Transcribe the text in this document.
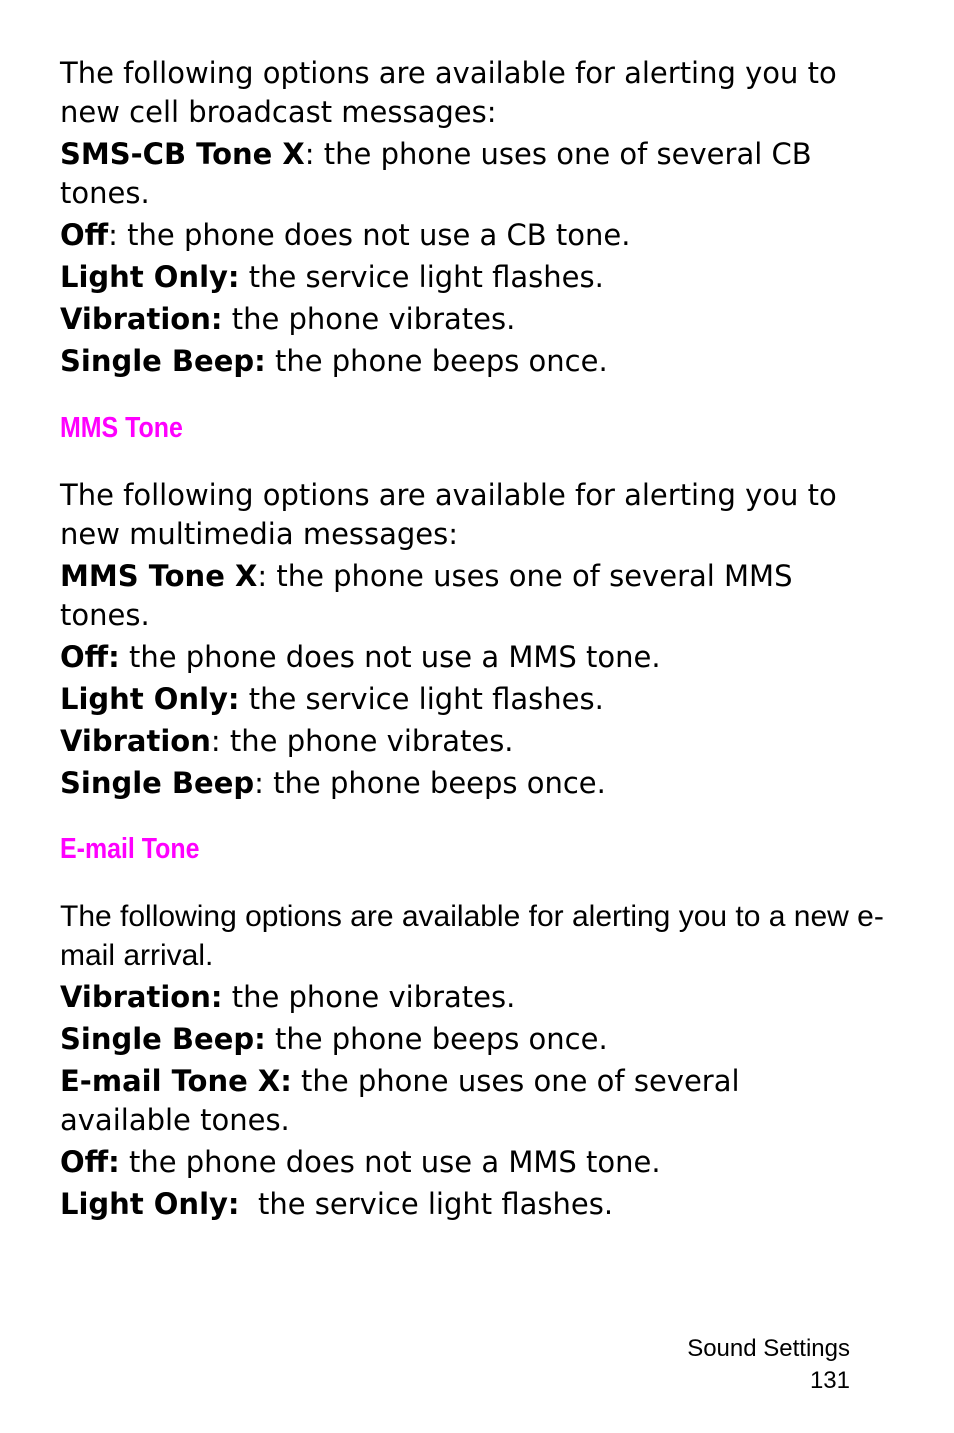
The following options are available for alerting you to new cell broadcast messages:

SMS-CB Tone X: the phone uses one of several CB tones.

Off: the phone does not use a CB tone.

Light Only: the service light flashes.

Vibration: the phone vibrates.

Single Beep: the phone beeps once.

MMS Tone

The following options are available for alerting you to new multimedia messages:

MMS Tone X: the phone uses one of several MMS tones.

Off: the phone does not use a MMS tone.

Light Only: the service light flashes.

Vibration: the phone vibrates.

Single Beep: the phone beeps once.

E-mail Tone

The following options are available for alerting you to a new e-mail arrival.

Vibration: the phone vibrates.

Single Beep: the phone beeps once.

E-mail Tone X: the phone uses one of several available tones.

Off: the phone does not use a MMS tone.

Light Only:  the service light flashes.

Sound Settings
131
